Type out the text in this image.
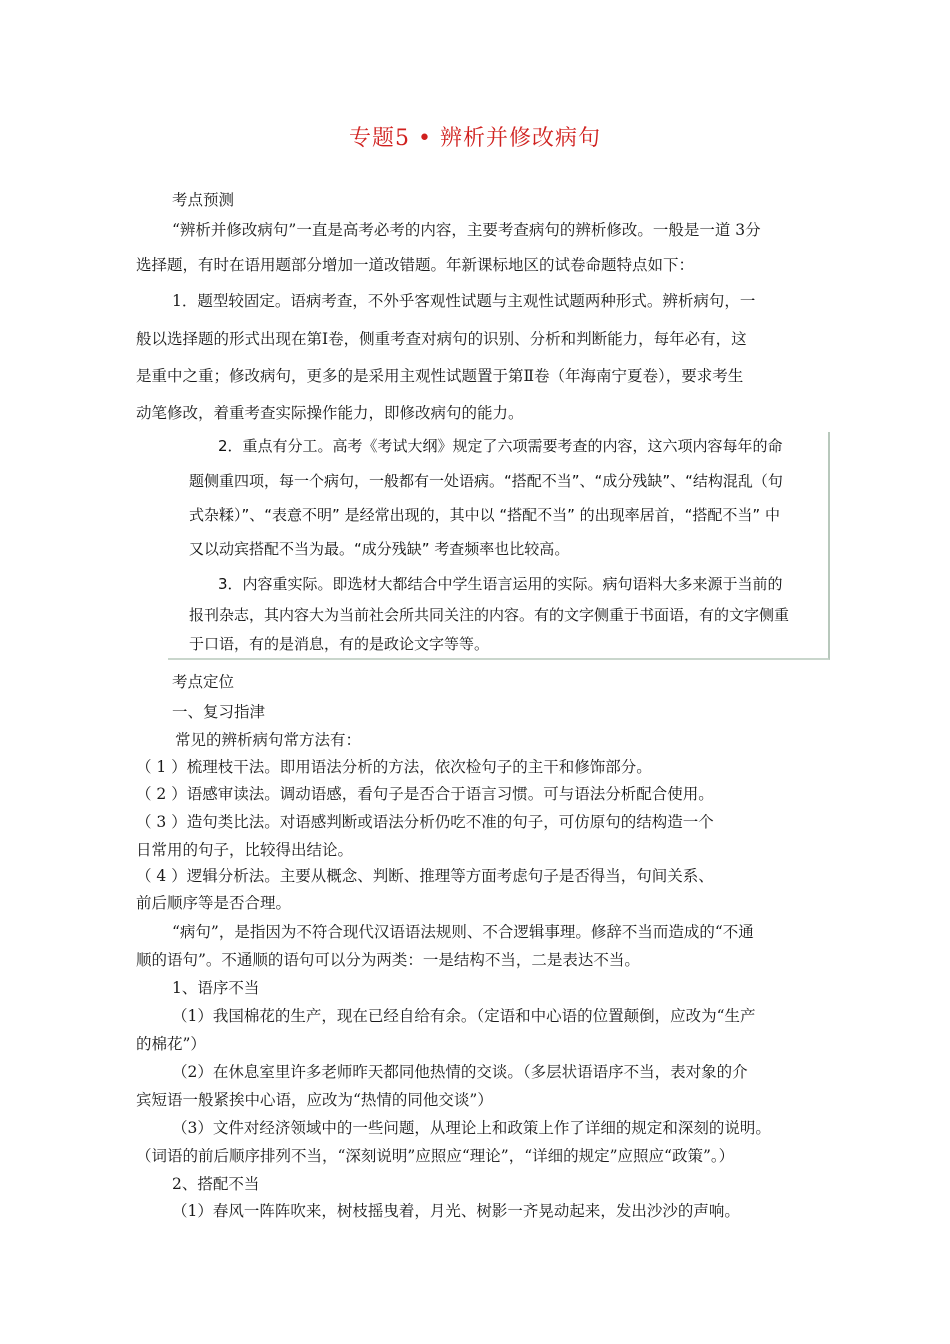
专题5 • 辨析并修改病句
考点预测
“辨析并修改病句”一直是高考必考的内容，主要考查病句的辨析修改。一般是一道 3分
选择题，有时在语用题部分增加一道改错题。年新课标地区的试卷命题特点如下：
1．题型较固定。语病考查，不外乎客观性试题与主观性试题两种形式。辨析病句，一
般以选择题的形式出现在第Ⅰ卷，侧重考查对病句的识别、分析和判断能力，每年必有，这
是重中之重；修改病句，更多的是采用主观性试题置于第Ⅱ卷（年海南宁夏卷），要求考生
动笔修改，着重考查实际操作能力，即修改病句的能力。
2．重点有分工。高考《考试大纲》规定了六项需要考查的内容，这六项内容每年的命
题侧重四项，每一个病句，一般都有一处语病。“搭配不当”、“成分残缺”、“结构混乱（句
式杂糅）”、“表意不明” 是经常出现的，其中以 “搭配不当” 的出现率居首，“搭配不当” 中
又以动宾搭配不当为最。“成分残缺” 考查频率也比较高。
3．内容重实际。即选材大都结合中学生语言运用的实际。病句语料大多来源于当前的
报刊杂志，其内容大为当前社会所共同关注的内容。有的文字侧重于书面语，有的文字侧重
于口语，有的是消息，有的是政论文字等等。
考点定位
一、复习指津
常见的辨析病句常方法有：
（ 1 ）梳理枝干法。即用语法分析的方法，依次检句子的主干和修饰部分。
（ 2 ）语感审读法。调动语感，看句子是否合于语言习惯。可与语法分析配合使用。
（ 3 ）造句类比法。对语感判断或语法分析仍吃不准的句子，可仿原句的结构造一个
日常用的句子，比较得出结论。
（ 4 ）逻辑分析法。主要从概念、判断、推理等方面考虑句子是否得当，句间关系、
前后顺序等是否合理。
“病句”，是指因为不符合现代汉语语法规则、不合逻辑事理。修辞不当而造成的“不通
顺的语句”。不通顺的语句可以分为两类：一是结构不当，二是表达不当。
1、语序不当
（1）我国棉花的生产，现在已经自给有余。（定语和中心语的位置颠倒，应改为“生产
的棉花”）
（2）在休息室里许多老师昨天都同他热情的交谈。（多层状语语序不当，表对象的介
宾短语一般紧挨中心语，应改为“热情的同他交谈”）
（3）文件对经济领域中的一些问题，从理论上和政策上作了详细的规定和深刻的说明。
（词语的前后顺序排列不当，“深刻说明”应照应“理论”，“详细的规定”应照应“政策”。）
2、搭配不当
（1）春风一阵阵吹来，树枝摇曳着，月光、树影一齐晃动起来，发出沙沙的声响。
